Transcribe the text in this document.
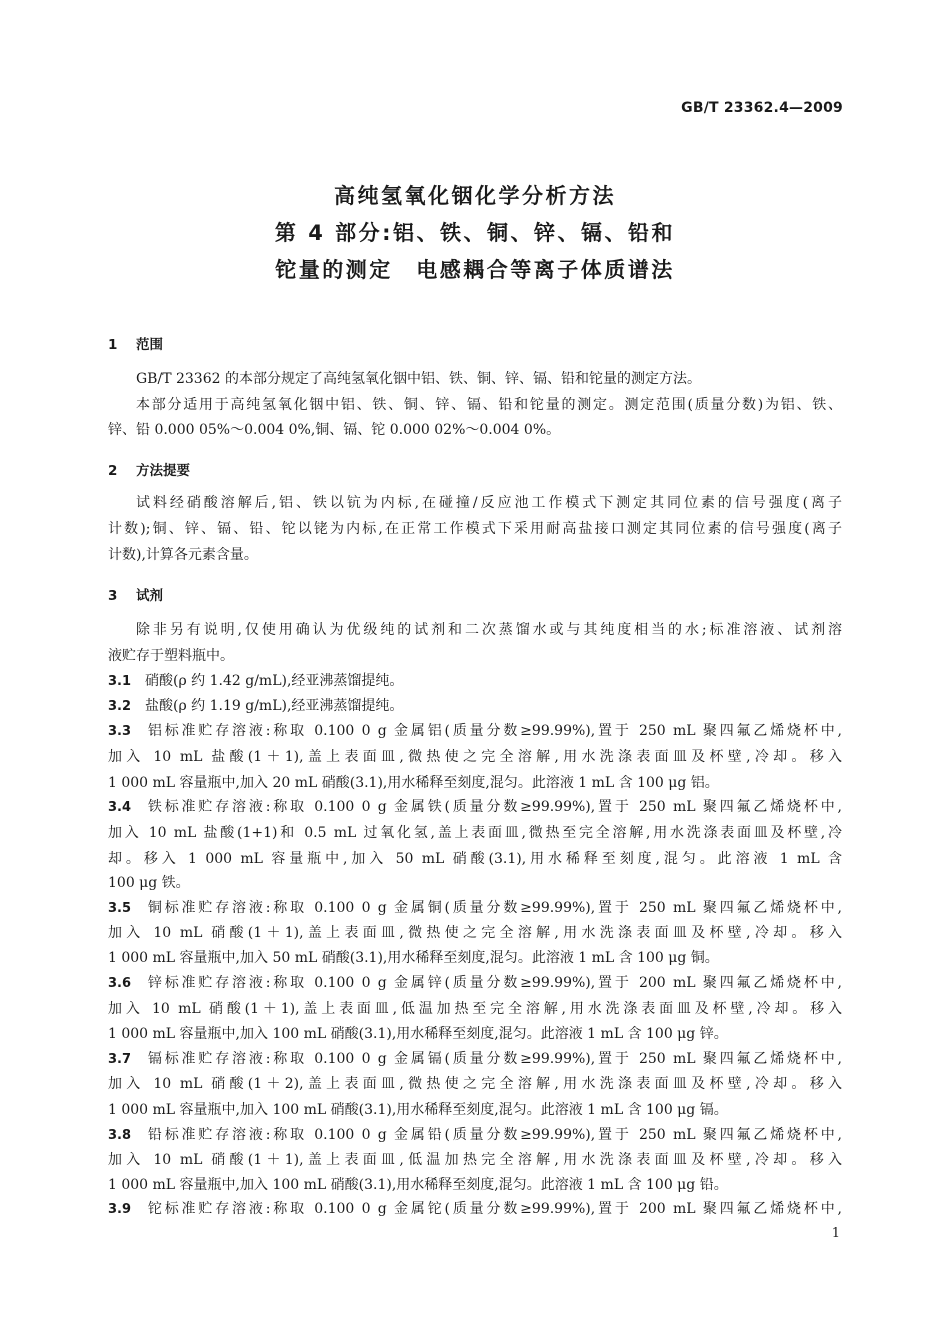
GB/T 23362.4—2009
高纯氢氧化铟化学分析方法
第 4 部分:铝、铁、铜、锌、镉、铅和
铊量的测定　电感耦合等离子体质谱法
1 范围
GB/T 23362 的本部分规定了高纯氢氧化铟中铝、铁、铜、锌、镉、铅和铊量的测定方法。
本部分适用于高纯氢氧化铟中铝、铁、铜、锌、镉、铅和铊量的测定。测定范围(质量分数)为铝、铁、
锌、铅 0.000 05%～0.004 0%,铜、镉、铊 0.000 02%～0.004 0%。
2 方法提要
试料经硝酸溶解后,铝、铁以钪为内标,在碰撞/反应池工作模式下测定其同位素的信号强度(离子
计数);铜、锌、镉、铅、铊以铑为内标,在正常工作模式下采用耐高盐接口测定其同位素的信号强度(离子
计数),计算各元素含量。
3 试剂
除非另有说明,仅使用确认为优级纯的试剂和二次蒸馏水或与其纯度相当的水;标准溶液、试剂溶
液贮存于塑料瓶中。
3.1 硝酸(ρ 约 1.42 g/mL),经亚沸蒸馏提纯。
3.2 盐酸(ρ 约 1.19 g/mL),经亚沸蒸馏提纯。
3.3 铝标准贮存溶液:称取 0.100 0 g 金属铝(质量分数≥99.99%),置于 250 mL 聚四氟乙烯烧杯中,
加入 10 mL 盐酸(1＋1),盖上表面皿,微热使之完全溶解,用水洗涤表面皿及杯壁,冷却。移入
1 000 mL 容量瓶中,加入 20 mL 硝酸(3.1),用水稀释至刻度,混匀。此溶液 1 mL 含 100 μg 铝。
3.4 铁标准贮存溶液:称取 0.100 0 g 金属铁(质量分数≥99.99%),置于 250 mL 聚四氟乙烯烧杯中,
加入 10 mL 盐酸(1+1)和 0.5 mL 过氧化氢,盖上表面皿,微热至完全溶解,用水洗涤表面皿及杯壁,冷
却。移入 1 000 mL 容量瓶中,加入 50 mL 硝酸(3.1),用水稀释至刻度,混匀。此溶液 1 mL 含
100 μg 铁。
3.5 铜标准贮存溶液:称取 0.100 0 g 金属铜(质量分数≥99.99%),置于 250 mL 聚四氟乙烯烧杯中,
加入 10 mL 硝酸(1＋1),盖上表面皿,微热使之完全溶解,用水洗涤表面皿及杯壁,冷却。移入
1 000 mL 容量瓶中,加入 50 mL 硝酸(3.1),用水稀释至刻度,混匀。此溶液 1 mL 含 100 μg 铜。
3.6 锌标准贮存溶液:称取 0.100 0 g 金属锌(质量分数≥99.99%),置于 200 mL 聚四氟乙烯烧杯中,
加入 10 mL 硝酸(1＋1),盖上表面皿,低温加热至完全溶解,用水洗涤表面皿及杯壁,冷却。移入
1 000 mL 容量瓶中,加入 100 mL 硝酸(3.1),用水稀释至刻度,混匀。此溶液 1 mL 含 100 μg 锌。
3.7 镉标准贮存溶液:称取 0.100 0 g 金属镉(质量分数≥99.99%),置于 250 mL 聚四氟乙烯烧杯中,
加入 10 mL 硝酸(1＋2),盖上表面皿,微热使之完全溶解,用水洗涤表面皿及杯壁,冷却。移入
1 000 mL 容量瓶中,加入 100 mL 硝酸(3.1),用水稀释至刻度,混匀。此溶液 1 mL 含 100 μg 镉。
3.8 铅标准贮存溶液:称取 0.100 0 g 金属铅(质量分数≥99.99%),置于 250 mL 聚四氟乙烯烧杯中,
加入 10 mL 硝酸(1＋1),盖上表面皿,低温加热完全溶解,用水洗涤表面皿及杯壁,冷却。移入
1 000 mL 容量瓶中,加入 100 mL 硝酸(3.1),用水稀释至刻度,混匀。此溶液 1 mL 含 100 μg 铅。
3.9 铊标准贮存溶液:称取 0.100 0 g 金属铊(质量分数≥99.99%),置于 200 mL 聚四氟乙烯烧杯中,
1
